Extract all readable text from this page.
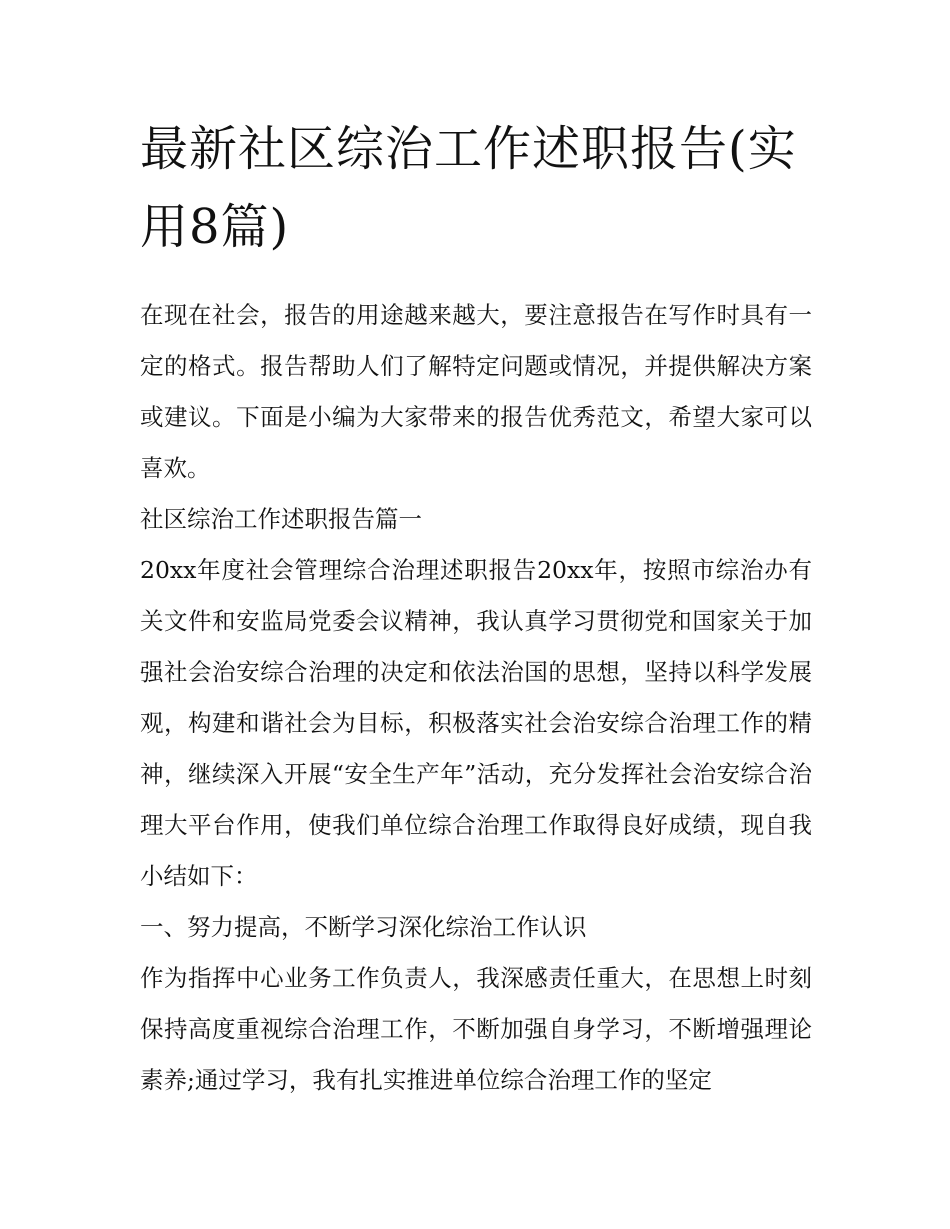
最新社区综治工作述职报告(实用8篇)

在现在社会，报告的用途越来越大，要注意报告在写作时具有一定的格式。报告帮助人们了解特定问题或情况，并提供解决方案或建议。下面是小编为大家带来的报告优秀范文，希望大家可以喜欢。

社区综治工作述职报告篇一

20xx年度社会管理综合治理述职报告20xx年，按照市综治办有关文件和安监局党委会议精神，我认真学习贯彻党和国家关于加强社会治安综合治理的决定和依法治国的思想，坚持以科学发展观，构建和谐社会为目标，积极落实社会治安综合治理工作的精神，继续深入开展“安全生产年”活动，充分发挥社会治安综合治理大平台作用，使我们单位综合治理工作取得良好成绩，现自我小结如下：

一、努力提高，不断学习深化综治工作认识

作为指挥中心业务工作负责人，我深感责任重大，在思想上时刻保持高度重视综合治理工作，不断加强自身学习，不断增强理论素养;通过学习，我有扎实推进单位综合治理工作的坚定
